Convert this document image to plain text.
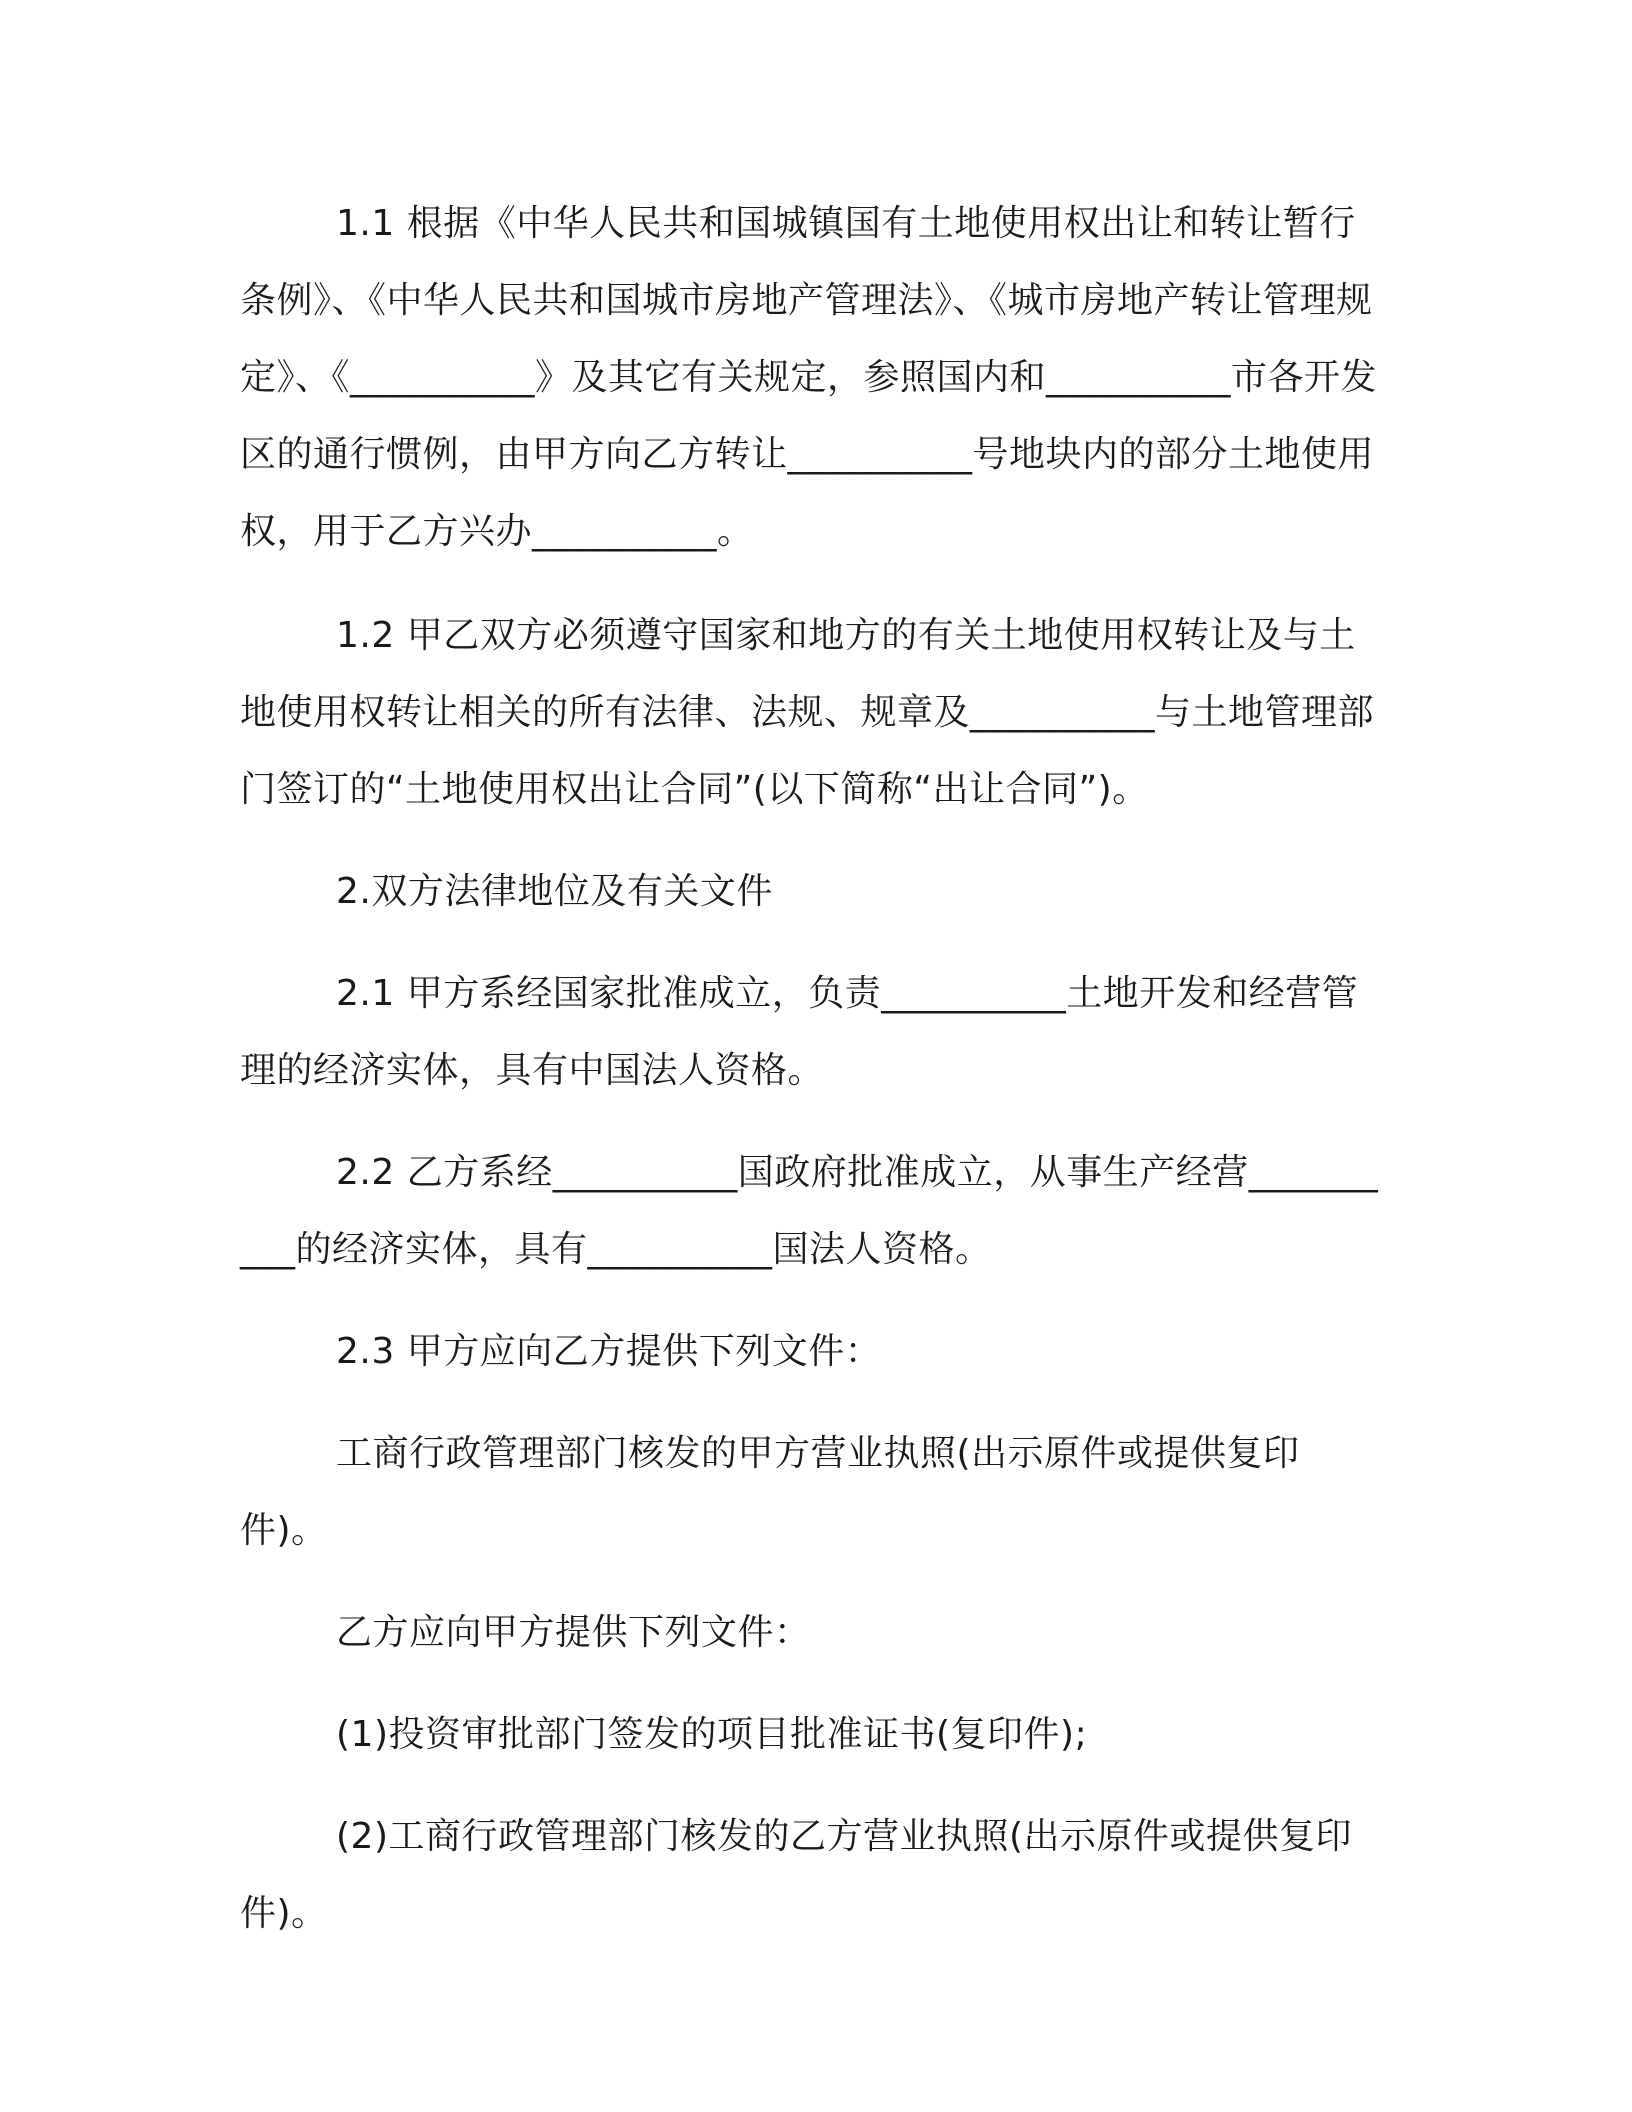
1.1 根据《中华人民共和国城镇国有土地使用权出让和转让暂行条例》、《中华人民共和国城市房地产管理法》、《城市房地产转让管理规定》、《__________》及其它有关规定，参照国内和__________市各开发区的通行惯例，由甲方向乙方转让__________号地块内的部分土地使用权，用于乙方兴办__________。

1.2 甲乙双方必须遵守国家和地方的有关土地使用权转让及与土地使用权转让相关的所有法律、法规、规章及__________与土地管理部门签订的“土地使用权出让合同”(以下简称“出让合同”)。

2.双方法律地位及有关文件

2.1 甲方系经国家批准成立，负责__________土地开发和经营管理的经济实体，具有中国法人资格。

2.2 乙方系经__________国政府批准成立，从事生产经营__________的经济实体，具有__________国法人资格。

2.3 甲方应向乙方提供下列文件：

工商行政管理部门核发的甲方营业执照(出示原件或提供复印件)。

乙方应向甲方提供下列文件：

(1)投资审批部门签发的项目批准证书(复印件);

(2)工商行政管理部门核发的乙方营业执照(出示原件或提供复印件)。
